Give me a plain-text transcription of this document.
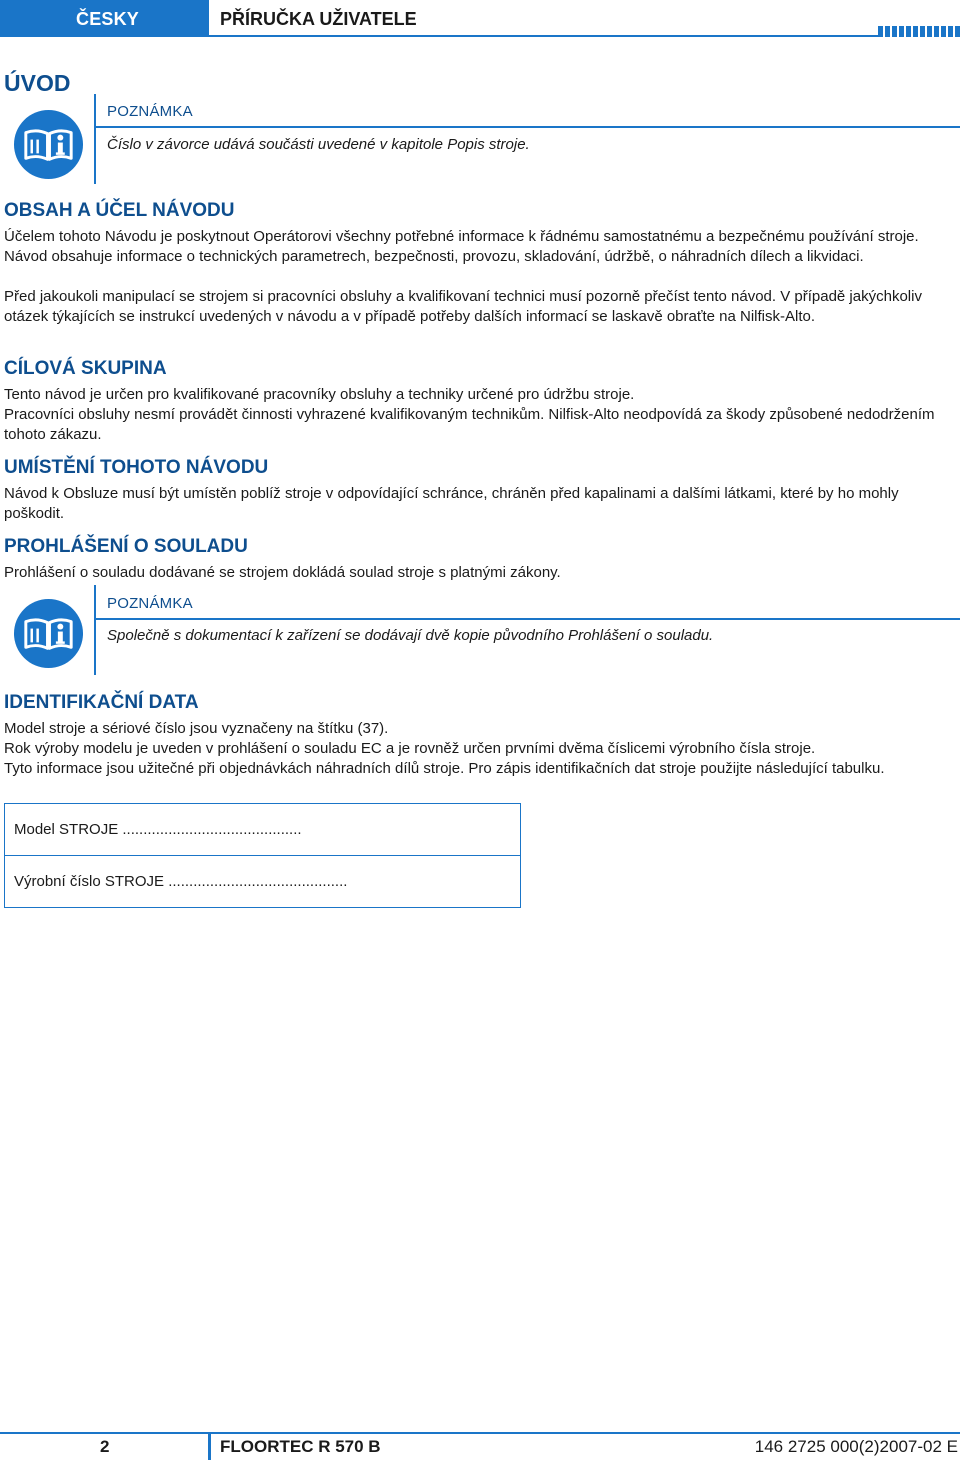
ČESKY	PŘÍRUČKA UŽIVATELE
ÚVOD
POZNÁMKA
Číslo v závorce udává součásti uvedené v kapitole Popis stroje.
OBSAH A ÚČEL NÁVODU
Účelem tohoto Návodu je poskytnout Operátorovi všechny potřebné informace k řádnému samostatnému a bezpečnému používání stroje. Návod obsahuje informace o technických parametrech, bezpečnosti, provozu, skladování, údržbě, o náhradních dílech a likvidaci.
Před jakoukoli manipulací se strojem si pracovníci obsluhy a kvalifikovaní technici musí pozorně přečíst tento návod. V případě jakýchkoliv otázek týkajících se instrukcí uvedených v návodu a v případě potřeby dalších informací se laskavě obraťte na Nilfisk-Alto.
CÍLOVÁ SKUPINA
Tento návod je určen pro kvalifikované pracovníky obsluhy a techniky určené pro údržbu stroje.
Pracovníci obsluhy nesmí provádět činnosti vyhrazené kvalifikovaným technikům. Nilfisk-Alto neodpovídá za škody způsobené nedodržením tohoto zákazu.
UMÍSTĚNÍ TOHOTO NÁVODU
Návod k Obsluze musí být umístěn poblíž stroje v odpovídající schránce, chráněn před kapalinami a dalšími látkami, které by ho mohly poškodit.
PROHLÁŠENÍ O SOULADU
Prohlášení o souladu dodávané se strojem dokládá soulad stroje s platnými zákony.
POZNÁMKA
Společně s dokumentací k zařízení se dodávají dvě kopie původního Prohlášení o souladu.
IDENTIFIKAČNÍ DATA
Model stroje a sériové číslo jsou vyznačeny na štítku (37).
Rok výroby modelu je uveden v prohlášení o souladu EC a je rovněž určen prvními dvěma číslicemi výrobního čísla stroje.
Tyto informace jsou užitečné při objednávkách náhradních dílů stroje. Pro zápis identifikačních dat stroje použijte následující tabulku.
Model STROJE ...........................................
Výrobní číslo STROJE ...........................................
2	FLOORTEC R 570 B	146 2725 000(2)2007-02 E
